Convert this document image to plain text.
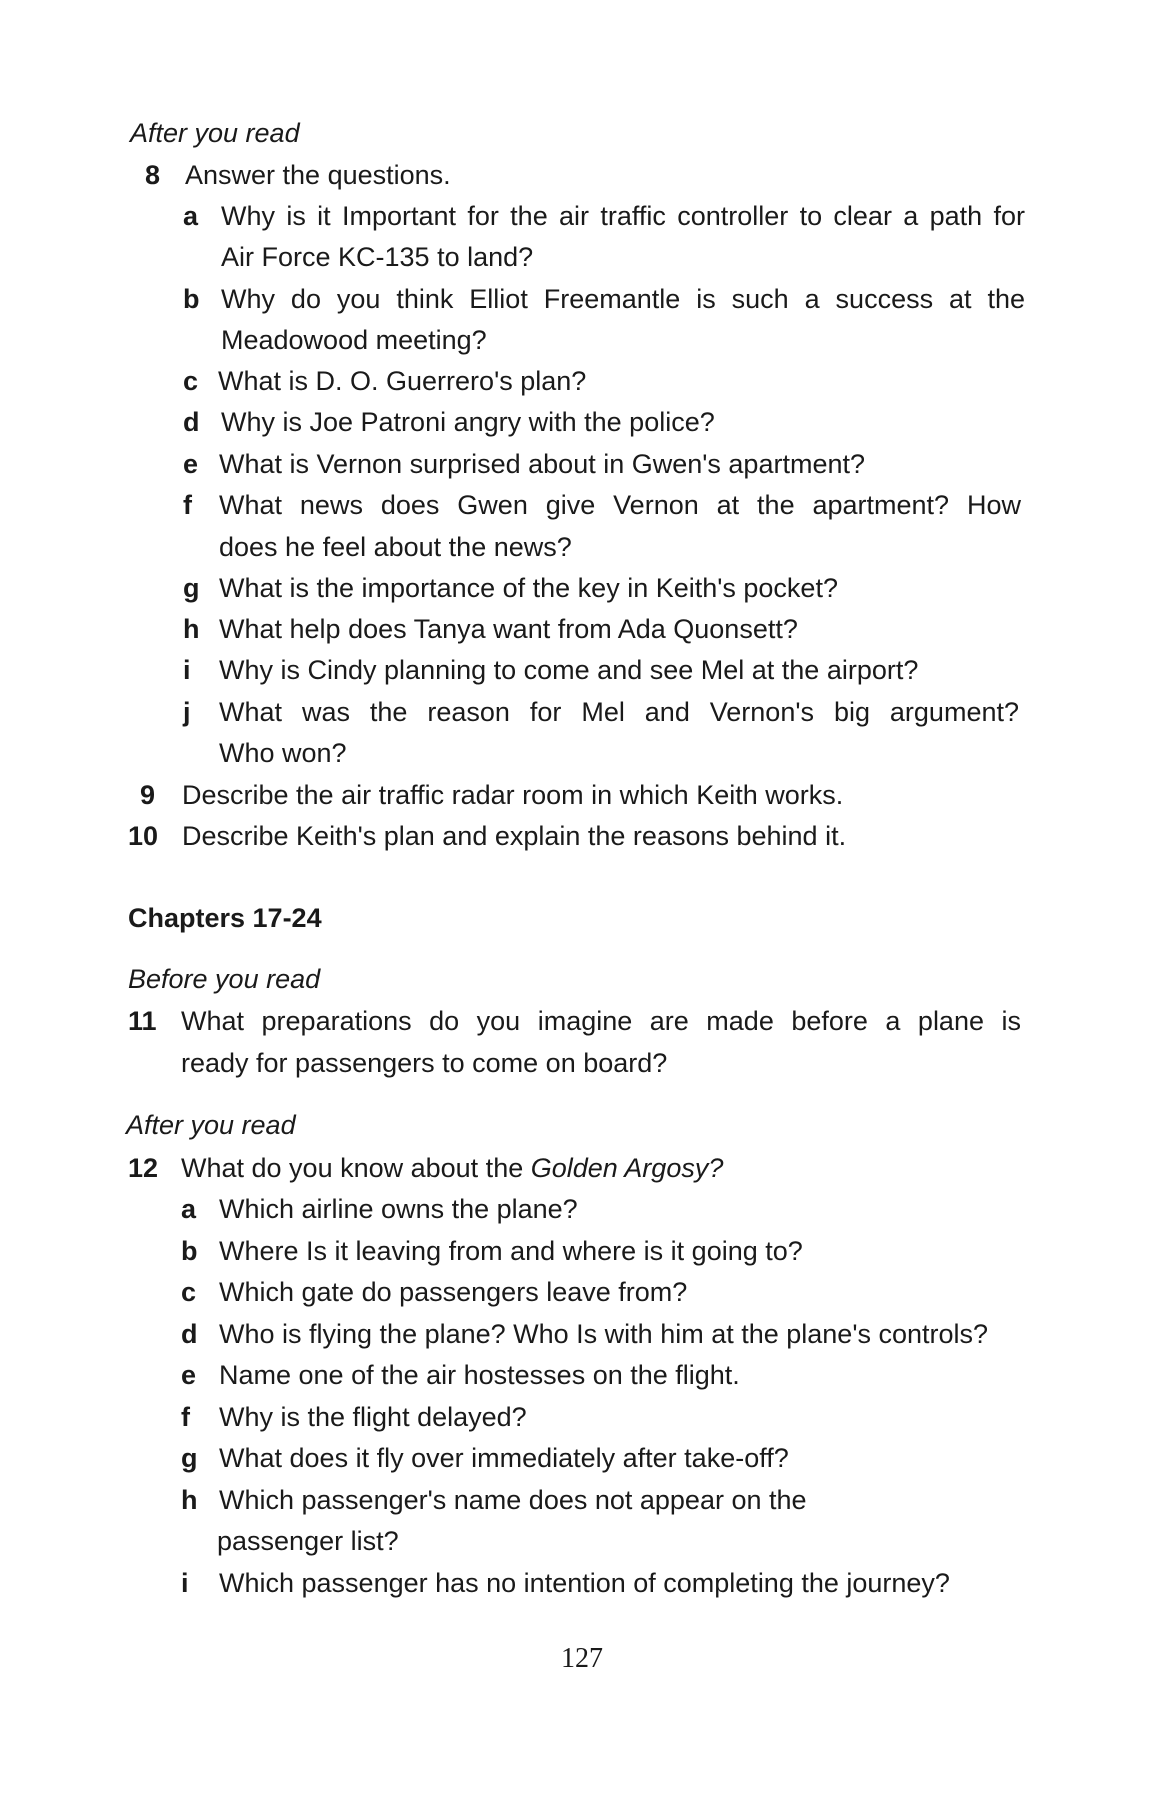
After you read
8 Answer the questions.
a Why is it Important for the air traffic controller to clear a path for
Air Force KC-135 to land?
b Why do you think Elliot Freemantle is such a success at the
Meadowood meeting?
c What is D. O. Guerrero's plan?
d Why is Joe Patroni angry with the police?
e What is Vernon surprised about in Gwen's apartment?
f What news does Gwen give Vernon at the apartment? How
does he feel about the news?
g What is the importance of the key in Keith's pocket?
h What help does Tanya want from Ada Quonsett?
i Why is Cindy planning to come and see Mel at the airport?
j What was the reason for Mel and Vernon's big argument?
Who won?
9 Describe the air traffic radar room in which Keith works.
10 Describe Keith's plan and explain the reasons behind it.
Chapters 17-24
Before you read
11 What preparations do you imagine are made before a plane is
ready for passengers to come on board?
After you read
12 What do you know about the Golden Argosy?
a Which airline owns the plane?
b Where Is it leaving from and where is it going to?
c Which gate do passengers leave from?
d Who is flying the plane? Who Is with him at the plane's controls?
e Name one of the air hostesses on the flight.
f Why is the flight delayed?
g What does it fly over immediately after take-off?
h Which passenger's name does not appear on the
passenger list?
i Which passenger has no intention of completing the journey?
127
